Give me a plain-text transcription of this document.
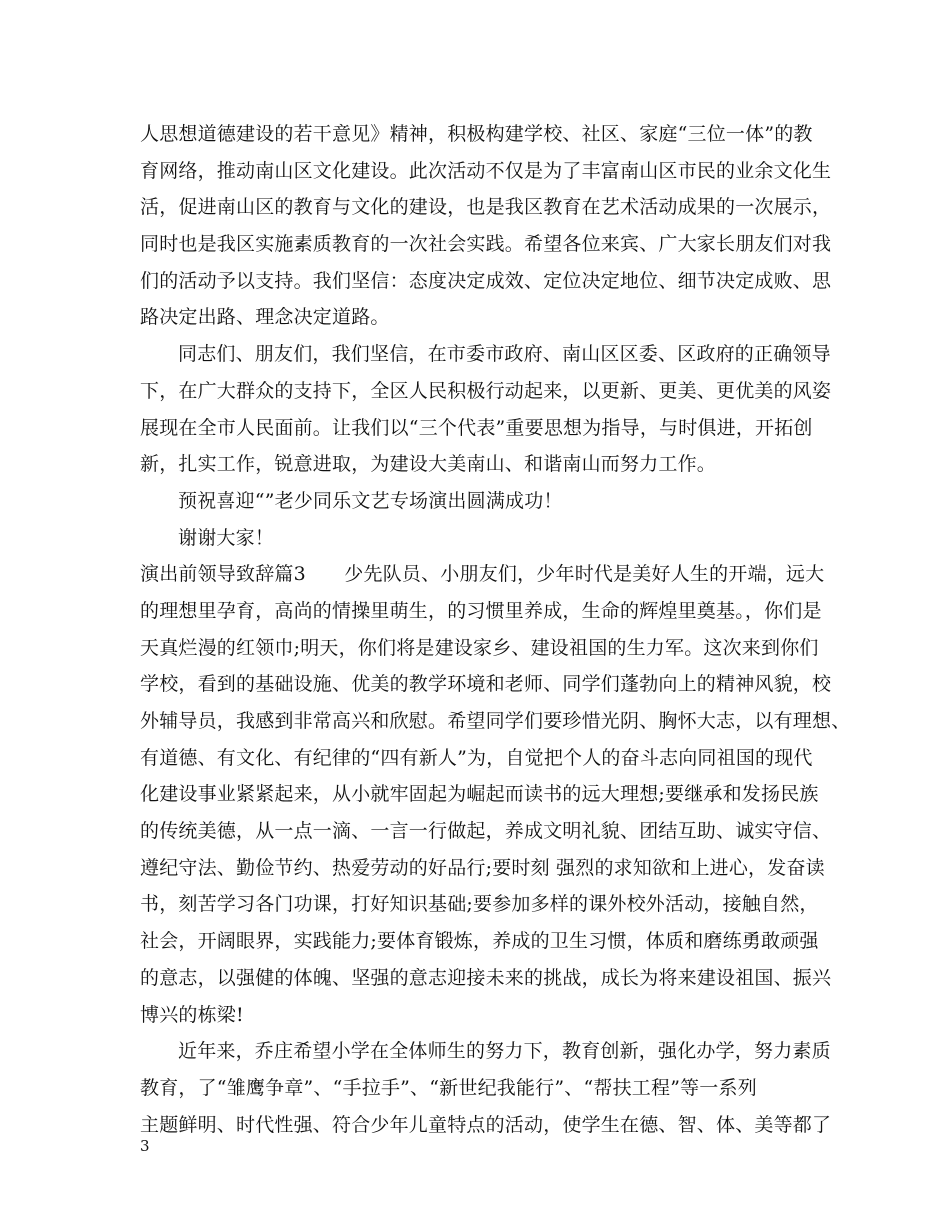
人思想道德建设的若干意见》精神，积极构建学校、社区、家庭“三位一体”的教
育网络，推动南山区文化建设。此次活动不仅是为了丰富南山区市民的业余文化生
活，促进南山区的教育与文化的建设，也是我区教育在艺术活动成果的一次展示，
同时也是我区实施素质教育的一次社会实践。希望各位来宾、广大家长朋友们对我
们的活动予以支持。我们坚信：态度决定成效、定位决定地位、细节决定成败、思
路决定出路、理念决定道路。
同志们、朋友们，我们坚信，在市委市政府、南山区区委、区政府的正确领导
下，在广大群众的支持下，全区人民积极行动起来，以更新、更美、更优美的风姿
展现在全市人民面前。让我们以“三个代表”重要思想为指导，与时俱进，开拓创
新，扎实工作，锐意进取，为建设大美南山、和谐南山而努力工作。
预祝喜迎“”老少同乐文艺专场演出圆满成功！
谢谢大家！
演出前领导致辞篇3　　少先队员、小朋友们，少年时代是美好人生的开端，远大
的理想里孕育，高尚的情操里萌生，的习惯里养成，生命的辉煌里奠基。，你们是
天真烂漫的红领巾;明天，你们将是建设家乡、建设祖国的生力军。这次来到你们
学校，看到的基础设施、优美的教学环境和老师、同学们蓬勃向上的精神风貌，校
外辅导员，我感到非常高兴和欣慰。希望同学们要珍惜光阴、胸怀大志，以有理想、
有道德、有文化、有纪律的“四有新人”为，自觉把个人的奋斗志向同祖国的现代
化建设事业紧紧起来，从小就牢固起为崛起而读书的远大理想;要继承和发扬民族
的传统美德，从一点一滴、一言一行做起，养成文明礼貌、团结互助、诚实守信、
遵纪守法、勤俭节约、热爱劳动的好品行;要时刻 强烈的求知欲和上进心，发奋读
书，刻苦学习各门功课，打好知识基础;要参加多样的课外校外活动，接触自然，
社会，开阔眼界，实践能力;要体育锻炼，养成的卫生习惯，体质和磨练勇敢顽强
的意志，以强健的体魄、坚强的意志迎接未来的挑战，成长为将来建设祖国、振兴
博兴的栋梁!
近年来，乔庄希望小学在全体师生的努力下，教育创新，强化办学，努力素质
教育，了“雏鹰争章”、“手拉手”、“新世纪我能行”、“帮扶工程”等一系列
主题鲜明、时代性强、符合少年儿童特点的活动，使学生在德、智、体、美等都了
3
